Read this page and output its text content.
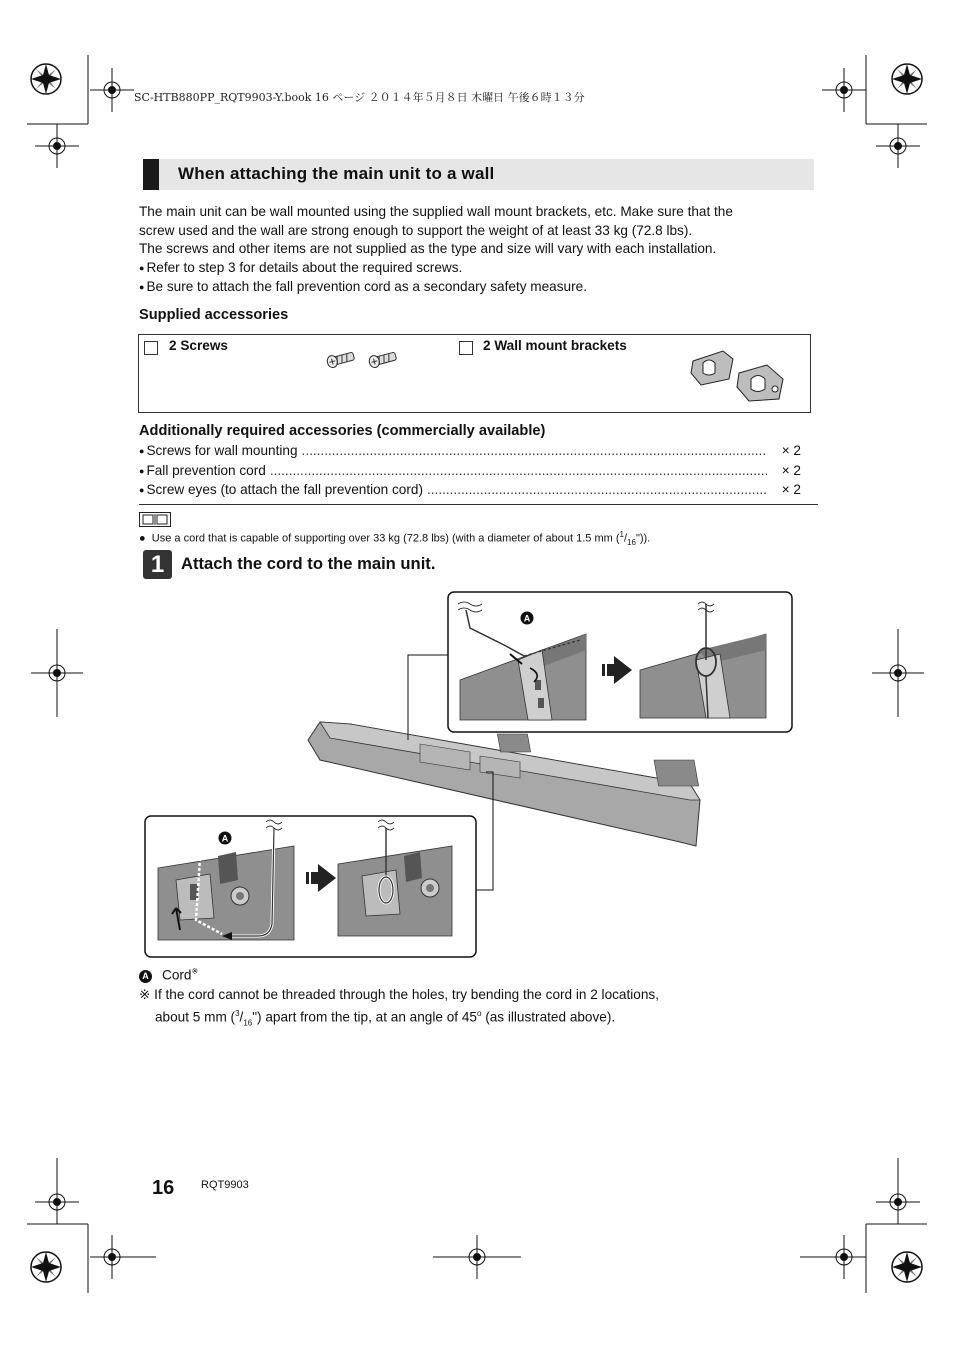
SC-HTB880PP_RQT9903-Y.book 16 ページ ２０１４年５月８日 木曜日 午後６時１３分
When attaching the main unit to a wall

The main unit can be wall mounted using the supplied wall mount brackets, etc. Make sure that the

screw used and the wall are strong enough to support the weight of at least 33 kg (72.8 lbs).

The screws and other items are not supplied as the type and size will vary with each installation.

● Refer to step 3 for details about the required screws.

● Be sure to attach the fall prevention cord as a secondary safety measure.

Supplied accessories
2 Screws	2 Wall mount brackets
Additionally required accessories (commercially available)
● Screws for wall mounting .....	× 2
● Fall prevention cord .....	× 2
● Screw eyes (to attach the fall prevention cord) .....	× 2
● Use a cord that is capable of supporting over 33 kg (72.8 lbs) (with a diameter of about 1.5 mm $(^1/_{16}")$).
1	Attach the cord to the main unit.
A
A
A Cord※
※ If the cord cannot be threaded through the holes, try bending the cord in 2 locations,
about 5 mm $(^3/_{16}")$ apart from the tip, at an angle of 45$^o$ (as illustrated above).
16 RQT9903
